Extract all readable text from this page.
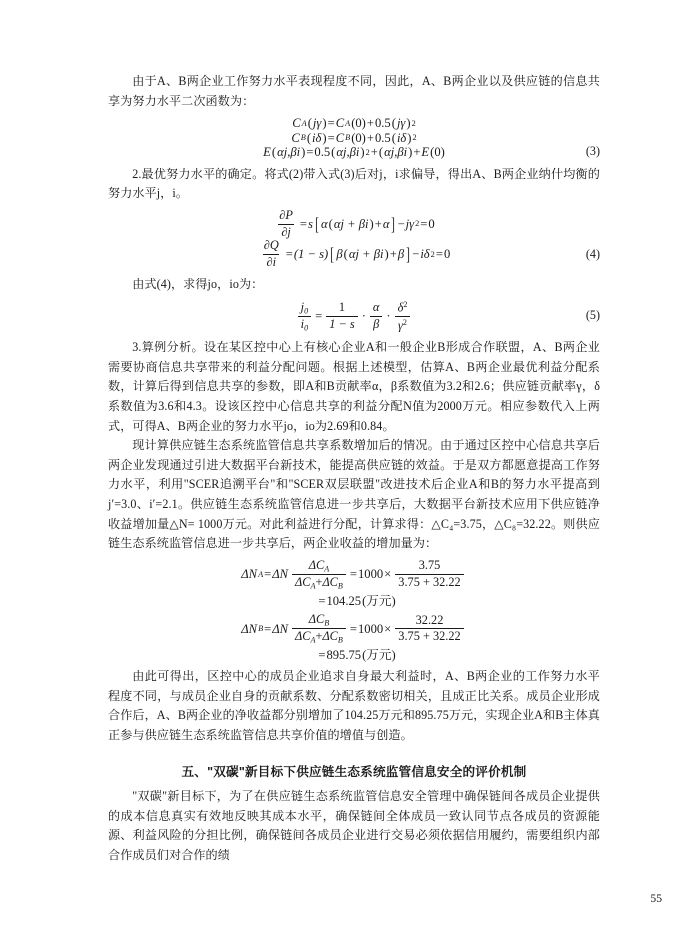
由于A、B两企业工作努力水平表现程度不同，因此，A、B两企业以及供应链的信息共享为努力水平二次函数为：

C A ( jγ ) = C A (0) + 0.5 ( jγ ) 2
C B ( iδ ) = C B (0) + 0.5 ( iδ ) 2
E ( αj,βi ) = 0.5 ( αj,βi ) 2 + ( αj,βi ) + E (0)	(3)

2.最优努力水平的确定。将式(2)带入式(3)后对j，i求偏导，得出A、B两企业纳什均衡的努力水平j，i。

$\frac{\partial P}{\partial j} = s$ [ α ( αj + βi ) + α ] − jγ 2 = 0
$\frac{\partial Q}{\partial i} = (1 - s)$ [ β ( αj + βi ) + β ] − iδ 2 = 0	(4)

由式(4)，求得jo，io为：

$\frac{j_0}{i_0} = \frac{1}{1 - s} \cdot \frac{\alpha}{\beta} \cdot \frac{\delta^2}{\gamma^2}$	(5)

3.算例分析。设在某区控中心上有核心企业A和一般企业B形成合作联盟，A、B两企业需要协商信息共享带来的利益分配问题。根据上述模型，估算A、B两企业最优利益分配系数，计算后得到信息共享的参数，即A和B贡献率α，β系数值为3.2和2.6；供应链贡献率γ，δ系数值为3.6和4.3。设该区控中心信息共享的利益分配N值为2000万元。相应参数代入上两式，可得A、B两企业的努力水平jo，io为2.69和0.84。

现计算供应链生态系统监管信息共享系数增加后的情况。由于通过区控中心信息共享后两企业发现通过引进大数据平台新技术，能提高供应链的效益。于是双方都愿意提高工作努力水平，利用"SCER追溯平台"和"SCER双层联盟"改进技术后企业A和B的努力水平提高到j′=3.0、i′=2.1。供应链生态系统监管信息进一步共享后，大数据平台新技术应用下供应链净收益增加量△N= 1000万元。对此利益进行分配，计算求得：△C₄=3.75，△C₈=32.22。则供应链生态系统监管信息进一步共享后，两企业收益的增加量为：

ΔN A = ΔN $\frac{\Delta C_A}{\Delta C_A+\Delta C_B} = 1000 \times \frac{3.75}{3.75 + 32.22}$
= 104.25 (万元)
ΔN B = ΔN $\frac{\Delta C_B}{\Delta C_A+\Delta C_B} = 1000 \times \frac{32.22}{3.75 + 32.22}$
= 895.75 (万元)

由此可得出，区控中心的成员企业追求自身最大利益时，A、B两企业的工作努力水平程度不同，与成员企业自身的贡献系数、分配系数密切相关，且成正比关系。成员企业形成合作后，A、B两企业的净收益都分别增加了104.25万元和895.75万元，实现企业A和B主体真正参与供应链生态系统监管信息共享价值的增值与创造。

五、"双碳"新目标下供应链生态系统监管信息安全的评价机制

"双碳"新目标下，为了在供应链生态系统监管信息安全管理中确保链间各成员企业提供的成本信息真实有效地反映其成本水平，确保链间全体成员一致认同节点各成员的资源能源、利益风险的分担比例，确保链间各成员企业进行交易必须依据信用履约，需要组织内部合作成员们对合作的绩

55
